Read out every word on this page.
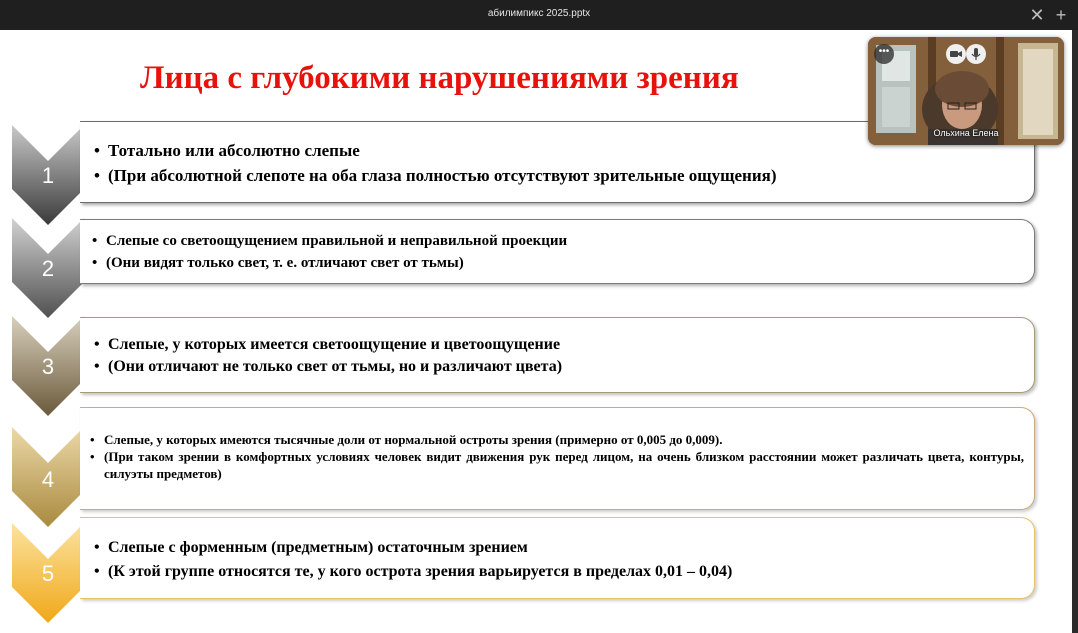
абилимпикс 2025.pptx	✕ +
Лица с глубокими нарушениями зрения
1
• Тотально или абсолютно слепые
• (При абсолютной слепоте на оба глаза полностью отсутствуют зрительные ощущения)
2
• Слепые со светоощущением правильной и неправильной проекции
• (Они видят только свет, т. е. отличают свет от тьмы)
3
• Слепые, у которых имеется светоощущение и цветоощущение
• (Они отличают не только свет от тьмы, но и различают цвета)
4
• Слепые, у которых имеются тысячные доли от нормальной остроты зрения (примерно от 0,005 до 0,009).
• (При таком зрении в комфортных условиях человек видит движения рук перед лицом, на очень близком расстоянии может различать цвета, контуры, силуэты предметов)
5
• Слепые с форменным (предметным) остаточным зрением
• (К этой группе относятся те, у кого острота зрения варьируется в пределах 0,01 – 0,04)
•••
Ольхина Елена
